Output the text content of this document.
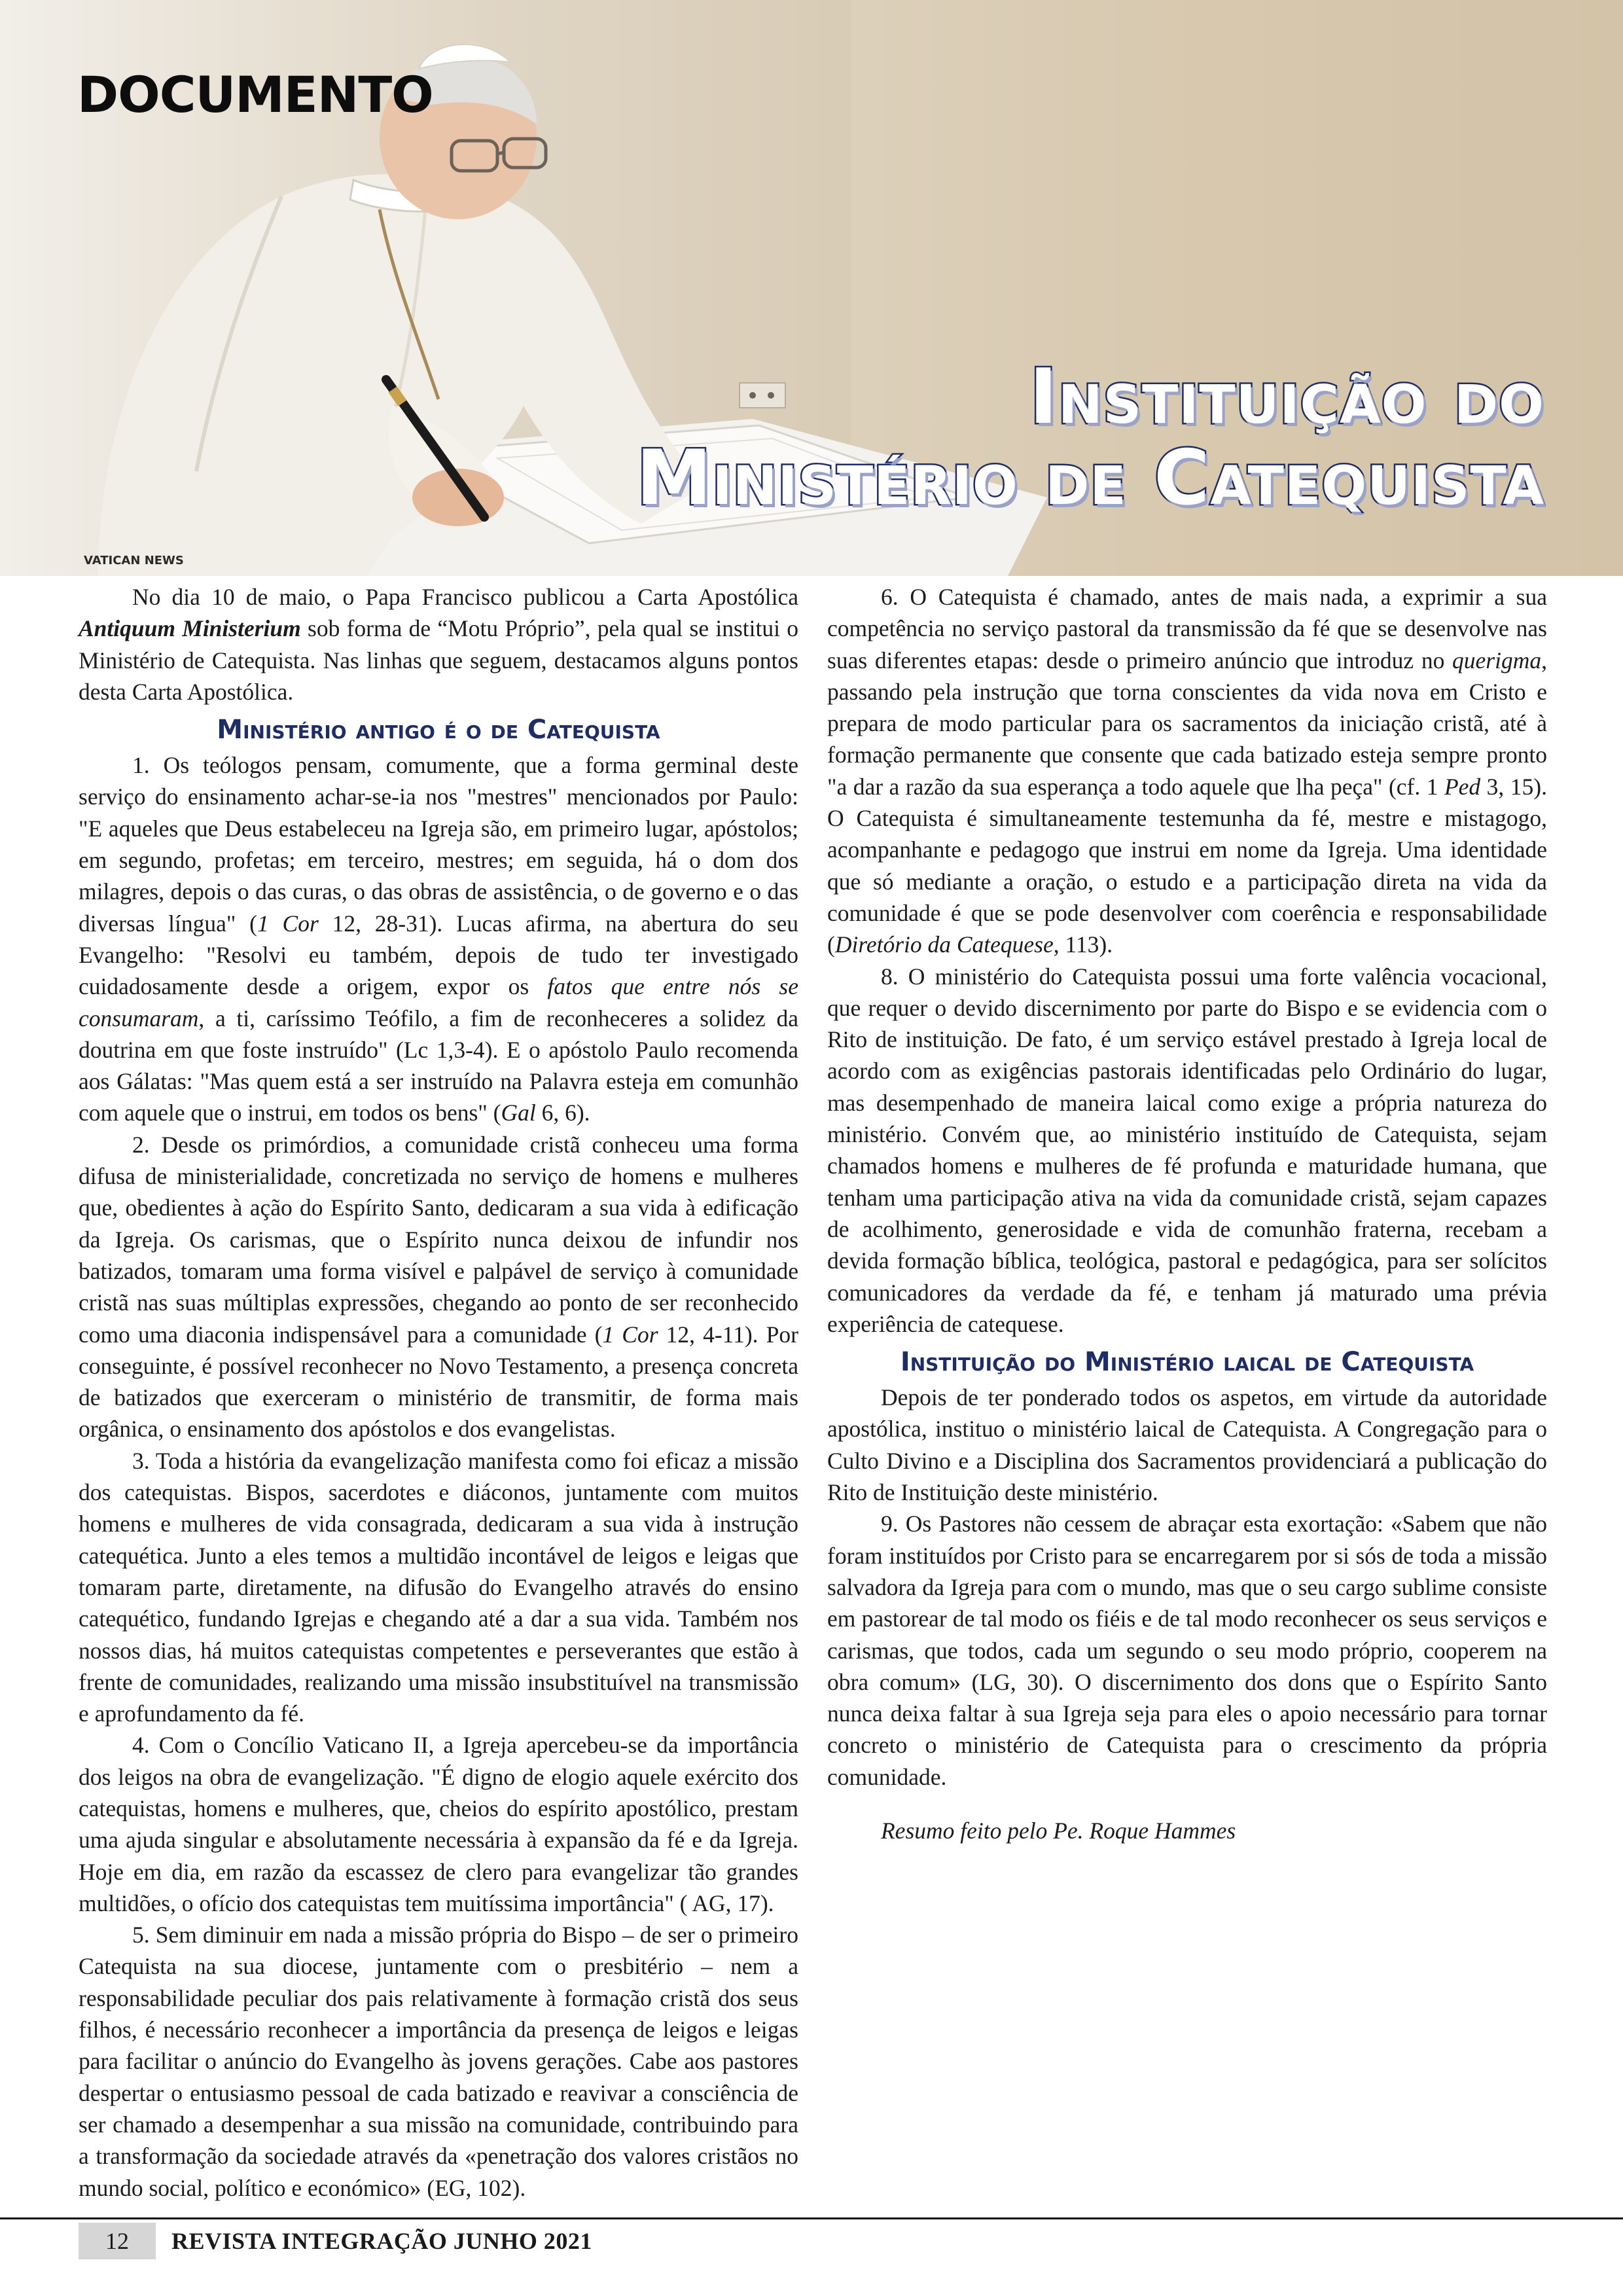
DOCUMENTO
VATICAN NEWS
Instituição do
Ministério de Catequista

No dia 10 de maio, o Papa Francisco publicou a Carta Apostólica Antiquum Ministerium sob forma de “Motu Próprio”, pela qual se institui o Ministério de Catequista. Nas linhas que seguem, destacamos alguns pontos desta Carta Apostólica.

Ministério antigo é o de Catequista

1. Os teólogos pensam, comumente, que a forma germinal deste serviço do ensinamento achar-se-ia nos "mestres" mencionados por Paulo: "E aqueles que Deus estabeleceu na Igreja são, em primeiro lugar, apóstolos; em segundo, profetas; em terceiro, mestres; em seguida, há o dom dos milagres, depois o das curas, o das obras de assistência, o de governo e o das diversas língua" (1 Cor 12, 28-31). Lucas afirma, na abertura do seu Evangelho: "Resolvi eu também, depois de tudo ter investigado cuidadosamente desde a origem, expor os fatos que entre nós se consumaram, a ti, caríssimo Teófilo, a fim de reconheceres a solidez da doutrina em que foste instruído" (Lc 1,3-4). E o apóstolo Paulo recomenda aos Gálatas: "Mas quem está a ser instruído na Palavra esteja em comunhão com aquele que o instrui, em todos os bens" (Gal 6, 6).

2. Desde os primórdios, a comunidade cristã conheceu uma forma difusa de ministerialidade, concretizada no serviço de homens e mulheres que, obedientes à ação do Espírito Santo, dedicaram a sua vida à edificação da Igreja. Os carismas, que o Espírito nunca deixou de infundir nos batizados, tomaram uma forma visível e palpável de serviço à comunidade cristã nas suas múltiplas expressões, chegando ao ponto de ser reconhecido como uma diaconia indispensável para a comunidade (1 Cor 12, 4-11). Por conseguinte, é possível reconhecer no Novo Testamento, a presença concreta de batizados que exerceram o ministério de transmitir, de forma mais orgânica, o ensinamento dos apóstolos e dos evangelistas.

3. Toda a história da evangelização manifesta como foi eficaz a missão dos catequistas. Bispos, sacerdotes e diáconos, juntamente com muitos homens e mulheres de vida consagrada, dedicaram a sua vida à instrução catequética. Junto a eles temos a multidão incontável de leigos e leigas que tomaram parte, diretamente, na difusão do Evangelho através do ensino catequético, fundando Igrejas e chegando até a dar a sua vida. Também nos nossos dias, há muitos catequistas competentes e perseverantes que estão à frente de comunidades, realizando uma missão insubstituível na transmissão e aprofundamento da fé.

4. Com o Concílio Vaticano II, a Igreja apercebeu-se da importância dos leigos na obra de evangelização. "É digno de elogio aquele exército dos catequistas, homens e mulheres, que, cheios do espírito apostólico, prestam uma ajuda singular e absolutamente necessária à expansão da fé e da Igreja. Hoje em dia, em razão da escassez de clero para evangelizar tão grandes multidões, o ofício dos catequistas tem muitíssima importância" ( AG, 17).

5. Sem diminuir em nada a missão própria do Bispo – de ser o primeiro Catequista na sua diocese, juntamente com o presbitério – nem a responsabilidade peculiar dos pais relativamente à formação cristã dos seus filhos, é necessário reconhecer a importância da presença de leigos e leigas para facilitar o anúncio do Evangelho às jovens gerações. Cabe aos pastores despertar o entusiasmo pessoal de cada batizado e reavivar a consciência de ser chamado a desempenhar a sua missão na comunidade, contribuindo para a transformação da sociedade através da «penetração dos valores cristãos no mundo social, político e económico» (EG, 102).

6. O Catequista é chamado, antes de mais nada, a exprimir a sua competência no serviço pastoral da transmissão da fé que se desenvolve nas suas diferentes etapas: desde o primeiro anúncio que introduz no querigma, passando pela instrução que torna conscientes da vida nova em Cristo e prepara de modo particular para os sacramentos da iniciação cristã, até à formação permanente que consente que cada batizado esteja sempre pronto "a dar a razão da sua esperança a todo aquele que lha peça" (cf. 1 Ped 3, 15). O Catequista é simultaneamente testemunha da fé, mestre e mistagogo, acompanhante e pedagogo que instrui em nome da Igreja. Uma identidade que só mediante a oração, o estudo e a participação direta na vida da comunidade é que se pode desenvolver com coerência e responsabilidade (Diretório da Catequese, 113).

8. O ministério do Catequista possui uma forte valência vocacional, que requer o devido discernimento por parte do Bispo e se evidencia com o Rito de instituição. De fato, é um serviço estável prestado à Igreja local de acordo com as exigências pastorais identificadas pelo Ordinário do lugar, mas desempenhado de maneira laical como exige a própria natureza do ministério. Convém que, ao ministério instituído de Catequista, sejam chamados homens e mulheres de fé profunda e maturidade humana, que tenham uma participação ativa na vida da comunidade cristã, sejam capazes de acolhimento, generosidade e vida de comunhão fraterna, recebam a devida formação bíblica, teológica, pastoral e pedagógica, para ser solícitos comunicadores da verdade da fé, e tenham já maturado uma prévia experiência de catequese.

Instituição do Ministério laical de Catequista

Depois de ter ponderado todos os aspetos, em virtude da autoridade apostólica, instituo o ministério laical de Catequista. A Congregação para o Culto Divino e a Disciplina dos Sacramentos providenciará a publicação do Rito de Instituição deste ministério.

9. Os Pastores não cessem de abraçar esta exortação: «Sabem que não foram instituídos por Cristo para se encarregarem por si sós de toda a missão salvadora da Igreja para com o mundo, mas que o seu cargo sublime consiste em pastorear de tal modo os fiéis e de tal modo reconhecer os seus serviços e carismas, que todos, cada um segundo o seu modo próprio, cooperem na obra comum» (LG, 30). O discernimento dos dons que o Espírito Santo nunca deixa faltar à sua Igreja seja para eles o apoio necessário para tornar concreto o ministério de Catequista para o crescimento da própria comunidade.

Resumo feito pelo Pe. Roque Hammes

12	REVISTA INTEGRAÇÃO JUNHO 2021
